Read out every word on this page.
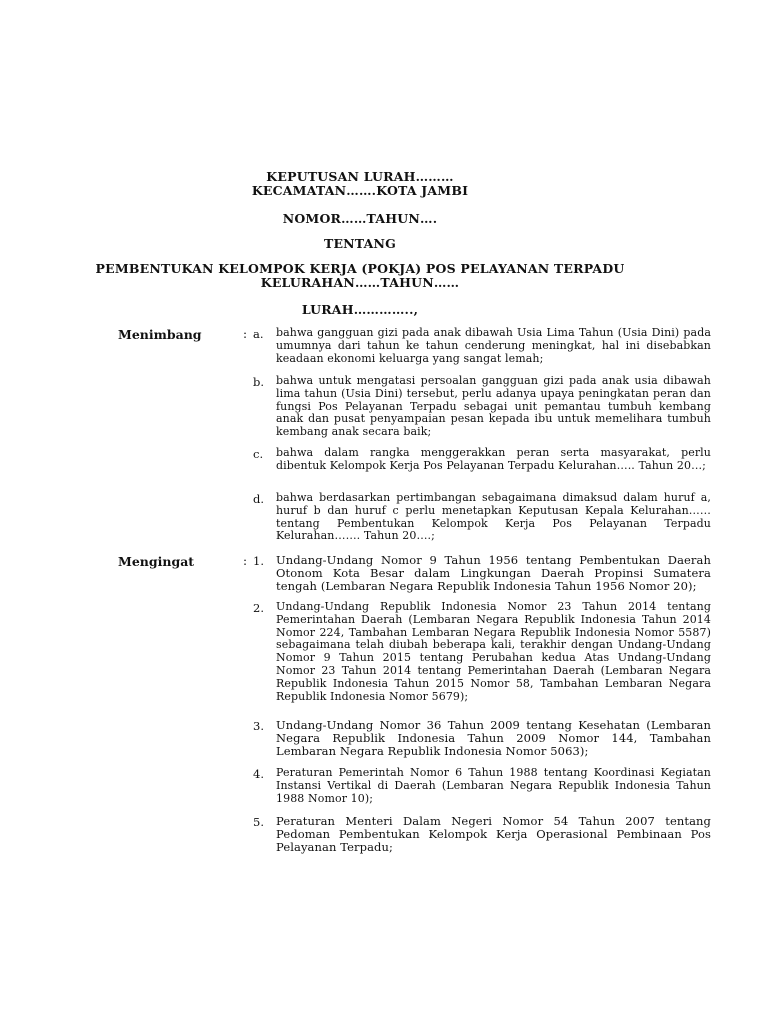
KEPUTUSAN LURAH………
KECAMATAN…….KOTA JAMBI
NOMOR……TAHUN….
TENTANG
PEMBENTUKAN KELOMPOK KERJA (POKJA) POS PELAYANAN TERPADU
KELURAHAN……TAHUN……
LURAH…………..,
Menimbang	: a. bahwa gangguan gizi pada anak dibawah Usia Lima Tahun (Usia Dini) pada umumnya dari tahun ke tahun cenderung meningkat, hal ini disebabkan keadaan ekonomi keluarga yang sangat lemah;
b. bahwa untuk mengatasi persoalan gangguan gizi pada anak usia dibawah lima tahun (Usia Dini) tersebut, perlu adanya upaya peningkatan peran dan fungsi Pos Pelayanan Terpadu sebagai unit pemantau tumbuh kembang anak dan pusat penyampaian pesan kepada ibu untuk memelihara tumbuh kembang anak secara baik;
c. bahwa dalam rangka menggerakkan peran serta masyarakat, perlu dibentuk Kelompok Kerja Pos Pelayanan Terpadu Kelurahan….. Tahun 20…;
d. bahwa berdasarkan pertimbangan sebagaimana dimaksud dalam huruf a, huruf b dan huruf c perlu menetapkan Keputusan Kepala Kelurahan…… tentang Pembentukan Kelompok Kerja Pos Pelayanan Terpadu Kelurahan……. Tahun 20….;
Mengingat	: 1. Undang-Undang Nomor 9 Tahun 1956 tentang Pembentukan Daerah Otonom Kota Besar dalam Lingkungan Daerah Propinsi Sumatera tengah (Lembaran Negara Republik Indonesia Tahun 1956 Nomor 20);
2. Undang-Undang Republik Indonesia Nomor 23 Tahun 2014 tentang Pemerintahan Daerah (Lembaran Negara Republik Indonesia Tahun 2014 Nomor 224, Tambahan Lembaran Negara Republik Indonesia Nomor 5587) sebagaimana telah diubah beberapa kali, terakhir dengan Undang-Undang Nomor 9 Tahun 2015 tentang Perubahan kedua Atas Undang-Undang Nomor 23 Tahun 2014 tentang Pemerintahan Daerah (Lembaran Negara Republik Indonesia Tahun 2015 Nomor 58, Tambahan Lembaran Negara Republik Indonesia Nomor 5679);
3. Undang-Undang Nomor 36 Tahun 2009 tentang Kesehatan (Lembaran Negara Republik Indonesia Tahun 2009 Nomor 144, Tambahan Lembaran Negara Republik Indonesia Nomor 5063);
4. Peraturan Pemerintah Nomor 6 Tahun 1988 tentang Koordinasi Kegiatan Instansi Vertikal di Daerah (Lembaran Negara Republik Indonesia Tahun 1988 Nomor 10);
5. Peraturan Menteri Dalam Negeri Nomor 54 Tahun 2007 tentang Pedoman Pembentukan Kelompok Kerja Operasional Pembinaan Pos Pelayanan Terpadu;
